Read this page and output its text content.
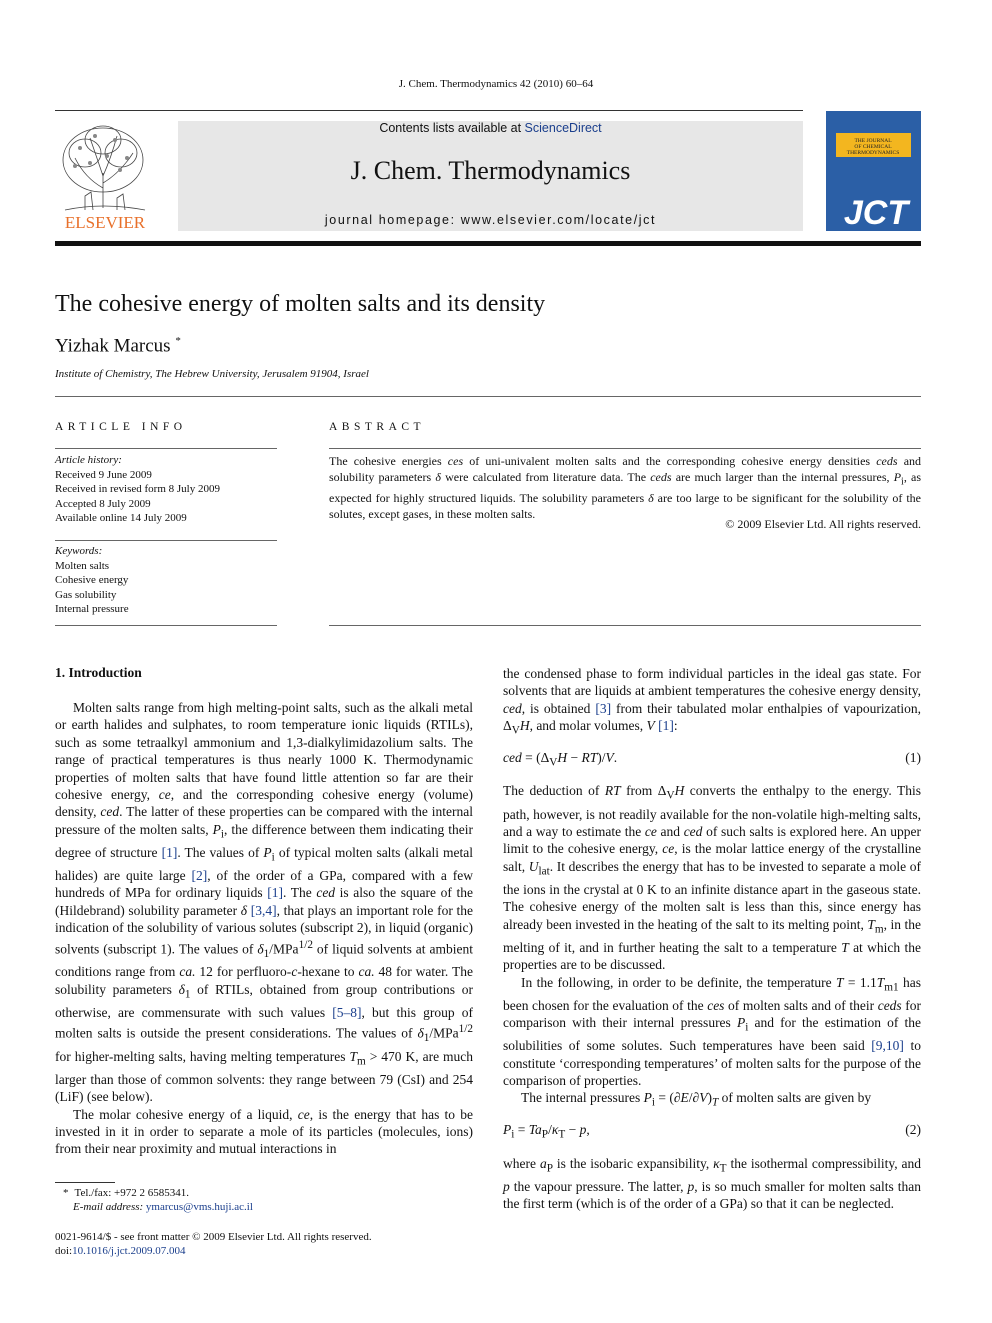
J. Chem. Thermodynamics 42 (2010) 60–64
ELSEVIER
Contents lists available at ScienceDirect
J. Chem. Thermodynamics
journal homepage: www.elsevier.com/locate/jct
THE JOURNAL
OF CHEMICAL
THERMODYNAMICS
JCT
The cohesive energy of molten salts and its density
Yizhak Marcus *
Institute of Chemistry, The Hebrew University, Jerusalem 91904, Israel
ARTICLE INFO
Article history:
Received 9 June 2009
Received in revised form 8 July 2009
Accepted 8 July 2009
Available online 14 July 2009
Keywords:
Molten salts
Cohesive energy
Gas solubility
Internal pressure
ABSTRACT
The cohesive energies ces of uni-univalent molten salts and the corresponding cohesive energy densities ceds and solubility parameters δ were calculated from literature data. The ceds are much larger than the internal pressures, $P_i$, as expected for highly structured liquids. The solubility parameters δ are too large to be significant for the solubility of the solutes, except gases, in these molten salts.
© 2009 Elsevier Ltd. All rights reserved.
1. Introduction

Molten salts range from high melting-point salts, such as the alkali metal or earth halides and sulphates, to room temperature ionic liquids (RTILs), such as some tetraalkyl ammonium and 1,3-dialkylimidazolium salts. The range of practical temperatures is thus nearly 1000 K. Thermodynamic properties of molten salts that have found little attention so far are their cohesive energy, ce, and the corresponding cohesive energy (volume) density, ced. The latter of these properties can be compared with the internal pressure of the molten salts, $P_i$, the difference between them indicating their degree of structure [1]. The values of $P_i$ of typical molten salts (alkali metal halides) are quite large [2], of the order of a GPa, compared with a few hundreds of MPa for ordinary liquids [1]. The ced is also the square of the (Hildebrand) solubility parameter δ [3,4], that plays an important role for the indication of the solubility of various solutes (subscript 2), in liquid (organic) solvents (subscript 1). The values of $\delta_1/MPa^{1/2}$ of liquid solvents at ambient conditions range from ca. 12 for perfluoro-c-hexane to ca. 48 for water. The solubility parameters $\delta_1$ of RTILs, obtained from group contributions or otherwise, are commensurate with such values [5–8], but this group of molten salts is outside the present considerations. The values of $\delta_1/MPa^{1/2}$ for higher-melting salts, having melting temperatures $T_m > 470$ K, are much larger than those of common solvents: they range between 79 (CsI) and 254 (LiF) (see below).

The molar cohesive energy of a liquid, ce, is the energy that has to be invested in it in order to separate a mole of its particles (molecules, ions) from their near proximity and mutual interactions in

the condensed phase to form individual particles in the ideal gas state. For solvents that are liquids at ambient temperatures the cohesive energy density, ced, is obtained [3] from their tabulated molar enthalpies of vapourization, $\Delta_VH$, and molar volumes, V [1]:

ced = $(\Delta_VH - RT)/V$.	(1)

The deduction of RT from $\Delta_VH$ converts the enthalpy to the energy. This path, however, is not readily available for the non-volatile high-melting salts, and a way to estimate the ce and ced of such salts is explored here. An upper limit to the cohesive energy, ce, is the molar lattice energy of the crystalline salt, $U_{lat}$. It describes the energy that has to be invested to separate a mole of the ions in the crystal at 0 K to an infinite distance apart in the gaseous state. The cohesive energy of the molten salt is less than this, since energy has already been invested in the heating of the salt to its melting point, $T_m$, in the melting of it, and in further heating the salt to a temperature T at which the properties are to be discussed.

In the following, in order to be definite, the temperature $T = 1.1T_{m1}$ has been chosen for the evaluation of the ces of molten salts and of their ceds for comparison with their internal pressures $P_i$ and for the estimation of the solubilities of some solutes. Such temperatures have been said [9,10] to constitute ‘corresponding temperatures’ of molten salts for the purpose of the comparison of properties.

The internal pressures $P_i = (\partial E/\partial V)_T$ of molten salts are given by

$P_i = Ta_P/\kappa_T - p$,	(2)

where $a_P$ is the isobaric expansibility, $\kappa_T$ the isothermal compressibility, and p the vapour pressure. The latter, p, is so much smaller for molten salts than the first term (which is of the order of a GPa) so that it can be neglected.

* Tel./fax: +972 2 6585341.
E-mail address: ymarcus@vms.huji.ac.il
0021-9614/$ - see front matter © 2009 Elsevier Ltd. All rights reserved.
doi:10.1016/j.jct.2009.07.004
